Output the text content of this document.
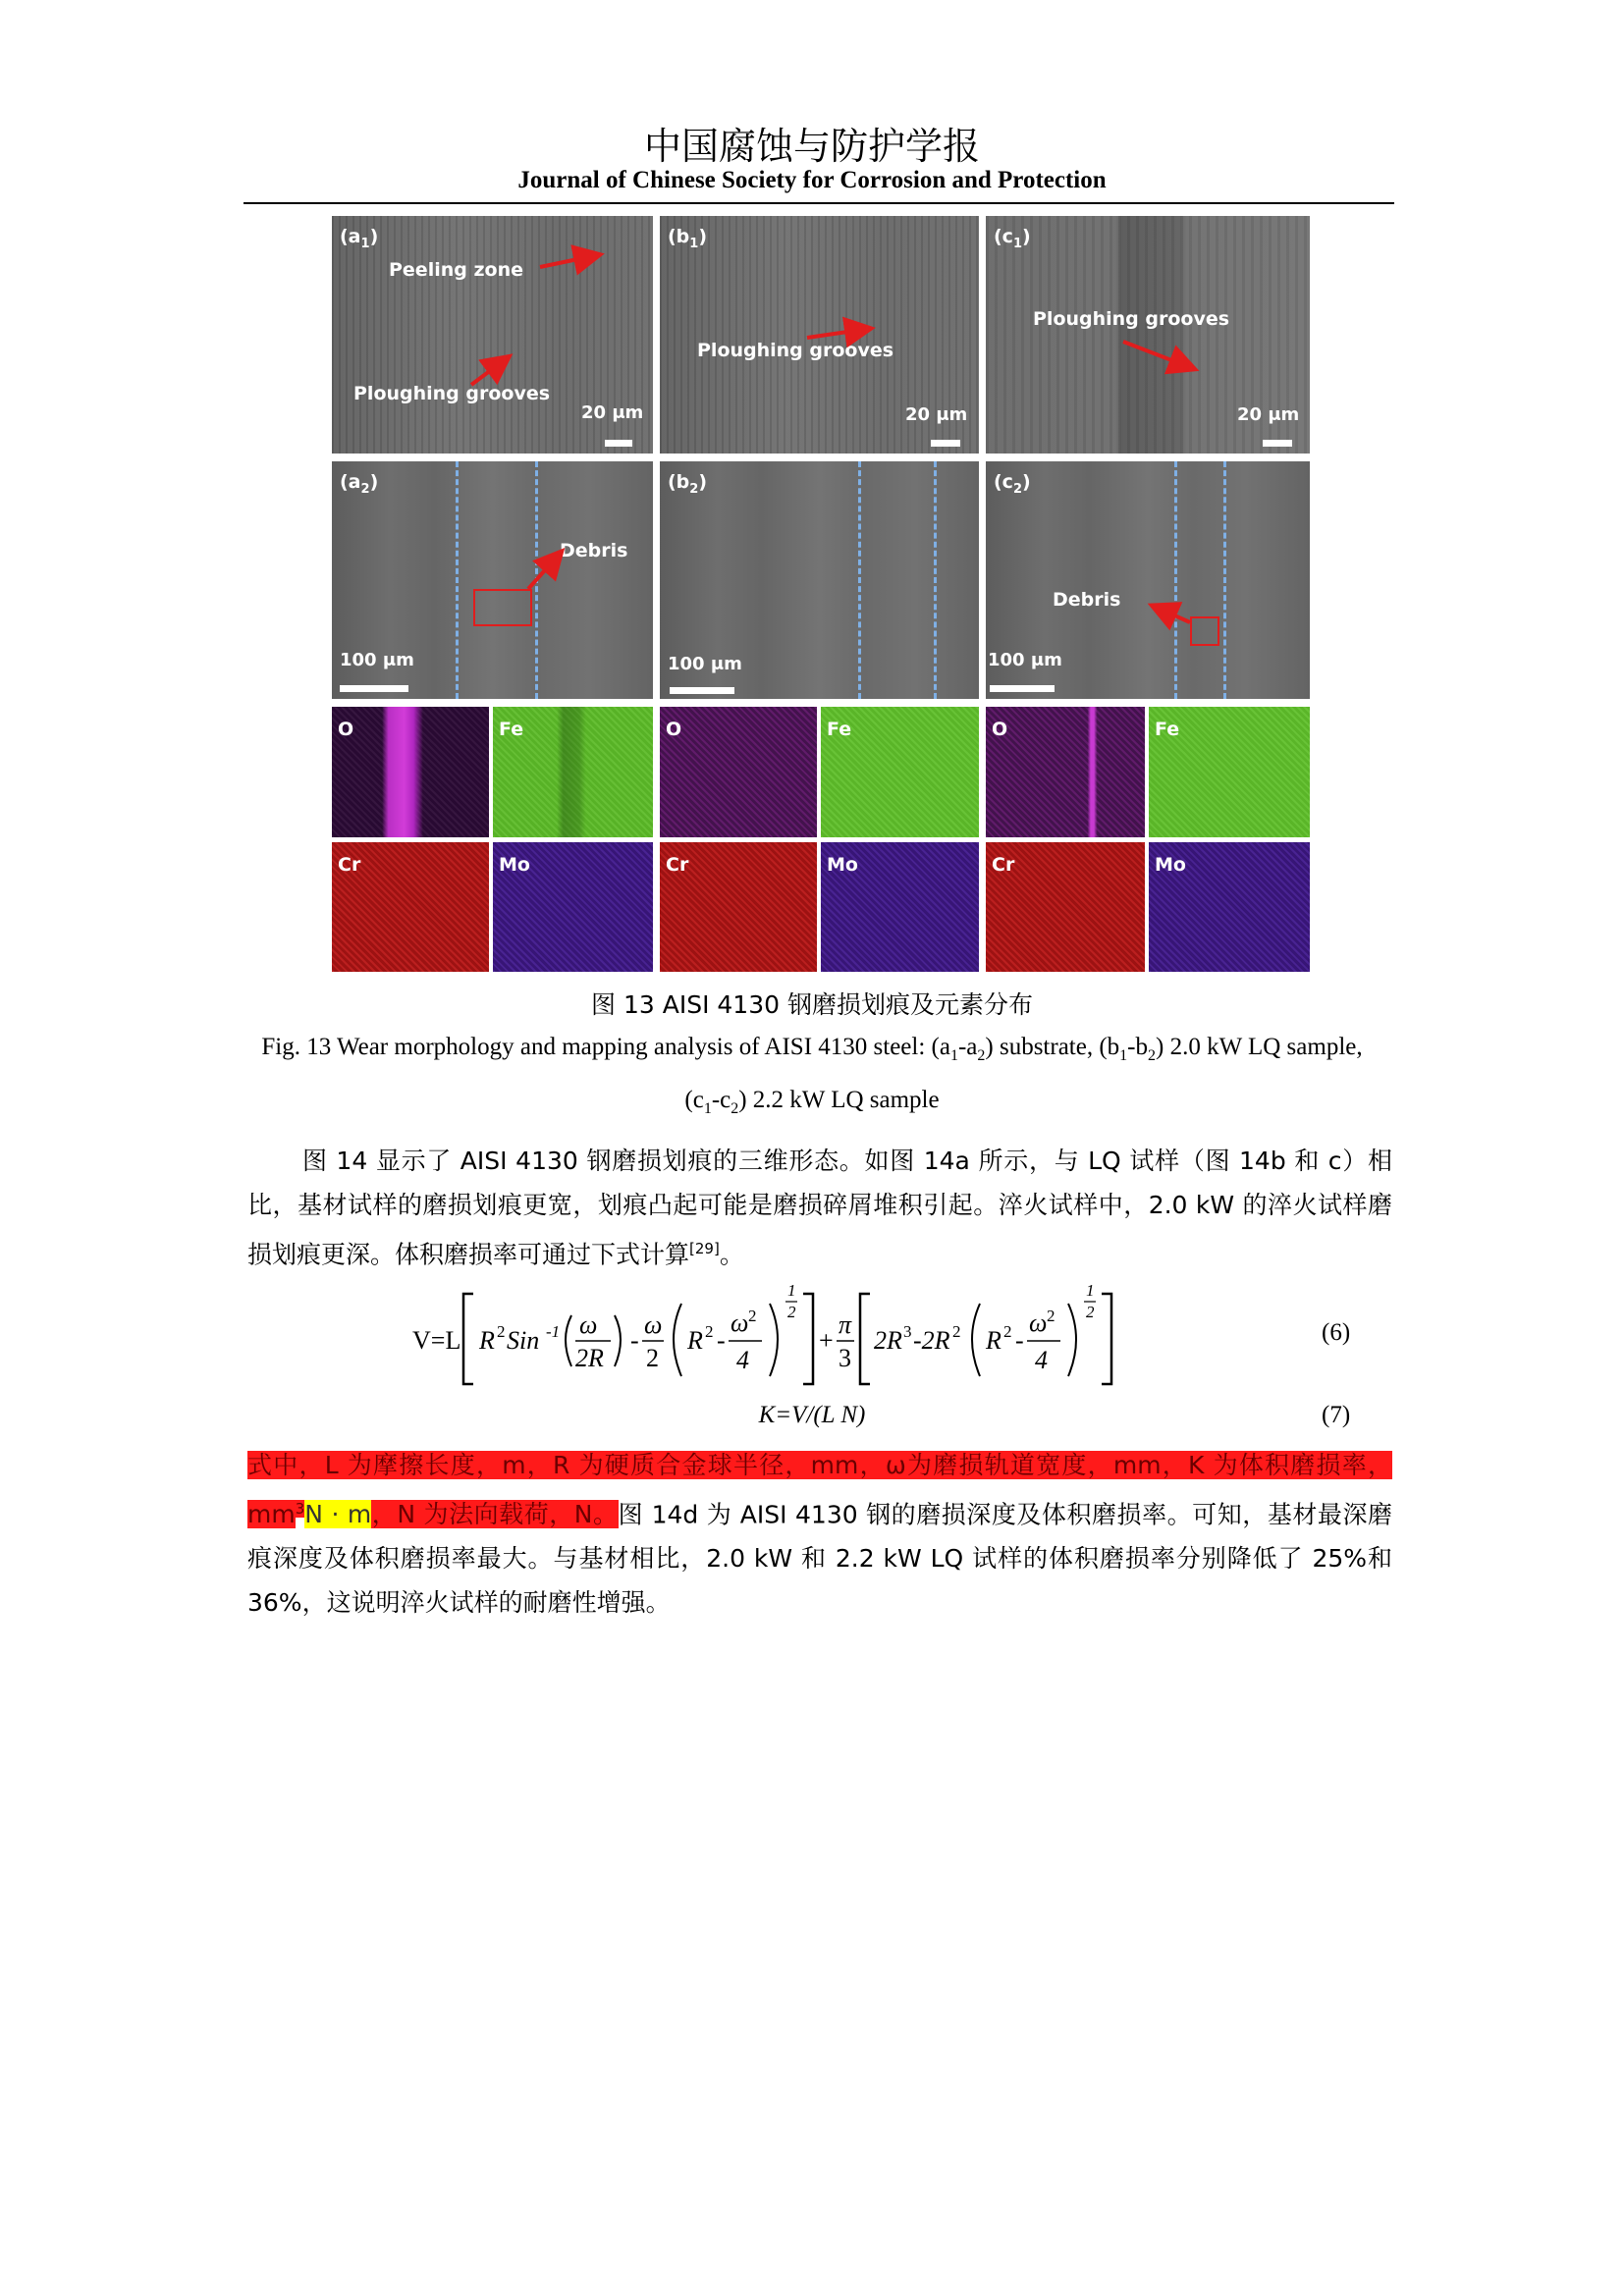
中国腐蚀与防护学报
Journal of Chinese Society for Corrosion and Protection
$(a_1)$
Peeling zone
Ploughing grooves
20 μm
$(b_1)$
Ploughing grooves
20 μm
$(c_1)$
Ploughing grooves
20 μm
$(a_2)$
Debris
100 μm
$(b_2)$
100 μm
$(c_2)$
Debris
100 μm
O	Fe	O	Fe	O	Fe
Cr	Mo	Cr	Mo	Cr	Mo
图 13 AISI 4130 钢磨损划痕及元素分布
Fig. 13 Wear morphology and mapping analysis of AISI 4130 steel: $(a_1-a_2)$ substrate, $(b_1-b_2)$ 2.0 kW LQ sample, $(c_1-c_2)$ 2.2 kW LQ sample
图 14 显示了 AISI 4130 钢磨损划痕的三维形态。如图 14a 所示，与 LQ 试样（图 14b 和 c）相比，基材试样的磨损划痕更宽，划痕凸起可能是磨损碎屑堆积引起。淬火试样中，2.0 kW 的淬火试样磨损划痕更深。体积磨损率可通过下式计算[29]。
V=L R 2 Sin -1 ω
2R
-
ω
2
R 2 -
ω 2
4
1
2
+
π
3
2R 3 -2R 2 R 2 -
ω 2
4
1
2
(6)
K=V/(L N)	(7)
式中，L 为摩擦长度，m，R 为硬质合金球半径，mm，ω为磨损轨道宽度，mm，K 为体积磨损率，$mm^3N \cdot m$，N 为法向载荷，N。图 14d 为 AISI 4130 钢的磨损深度及体积磨损率。可知，基材最深磨痕深度及体积磨损率最大。与基材相比，2.0 kW 和 2.2 kW LQ 试样的体积磨损率分别降低了 25%和 36%，这说明淬火试样的耐磨性增强。
